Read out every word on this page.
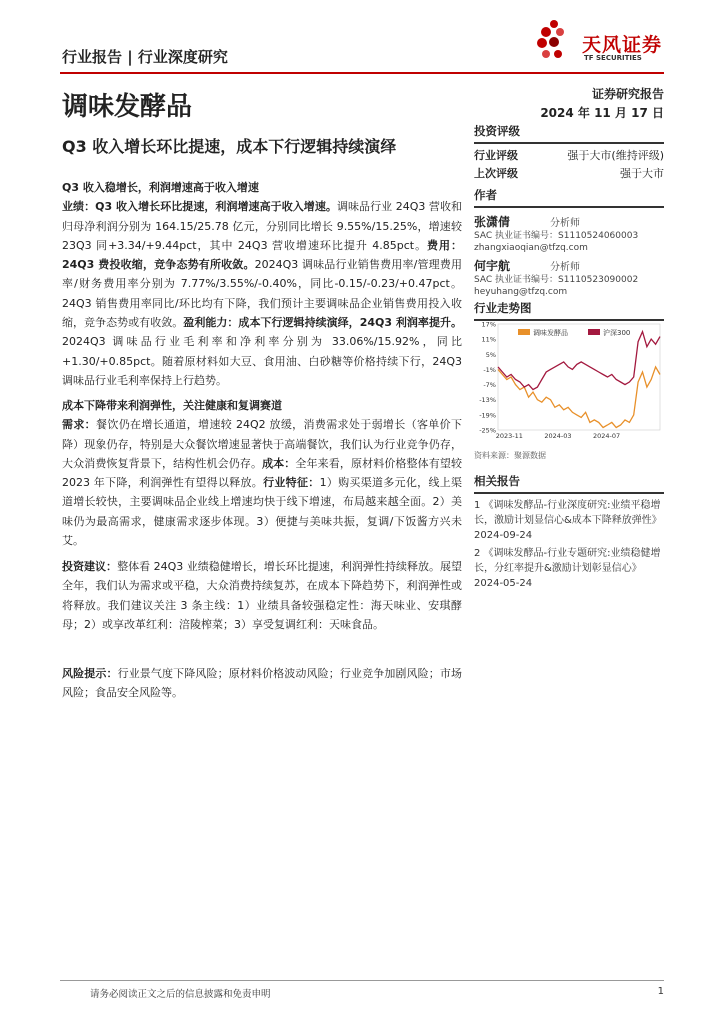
行业报告 | 行业深度研究
天风证券
TF SECURITIES
调味发酵品	证券研究报告
2024 年 11 月 17 日
Q3 收入增长环比提速，成本下行逻辑持续演绎
投资评级
行业评级	强于大市(维持评级)
上次评级	强于大市
作者
张潇倩	分析师
SAC 执业证书编号：S1110524060003
zhangxiaoqian@tfzq.com
何宇航	分析师
SAC 执业证书编号：S1110523090002
heyuhang@tfzq.com
行业走势图
17%
11%
5%
-1%
-7%
-13%
-19%
-25%
2023-11	2024-03	2024-07
调味发酵品	沪深300
资料来源：聚源数据
相关报告
1 《调味发酵品-行业深度研究:业绩平稳增长，激励计划显信心&成本下降释放弹性》 2024-09-24
2 《调味发酵品-行业专题研究:业绩稳健增长，分红率提升&激励计划彰显信心》 2024-05-24
Q3 收入稳增长，利润增速高于收入增速
业绩：Q3 收入增长环比提速，利润增速高于收入增速。调味品行业 24Q3 营收和归母净利润分别为 164.15/25.78 亿元，分别同比增长 9.55%/15.25%，增速较 23Q3 同+3.34/+9.44pct，其中 24Q3 营收增速环比提升 4.85pct。费用：24Q3 费投收缩，竞争态势有所收敛。2024Q3 调味品行业销售费用率/管理费用率/财务费用率分别为 7.77%/3.55%/-0.40%，同比-0.15/-0.23/+0.47pct。24Q3 销售费用率同比/环比均有下降，我们预计主要调味品企业销售费用投入收缩，竞争态势或有收敛。盈利能力：成本下行逻辑持续演绎，24Q3 利润率提升。2024Q3 调味品行业毛利率和净利率分别为 33.06%/15.92%，同比+1.30/+0.85pct。随着原材料如大豆、食用油、白砂糖等价格持续下行，24Q3 调味品行业毛利率保持上行趋势。
成本下降带来利润弹性，关注健康和复调赛道
需求：餐饮仍在增长通道，增速较 24Q2 放缓，消费需求处于弱增长（客单价下降）现象仍存，特别是大众餐饮增速显著快于高端餐饮，我们认为行业竞争仍存，大众消费恢复背景下，结构性机会仍存。成本：全年来看，原材料价格整体有望较 2023 年下降，利润弹性有望得以释放。行业特征：1）购买渠道多元化，线上渠道增长较快，主要调味品企业线上增速均快于线下增速，布局越来越全面。2）美味仍为最高需求，健康需求逐步体现。3）便捷与美味共振，复调/下饭酱方兴未艾。
投资建议：整体看 24Q3 业绩稳健增长，增长环比提速，利润弹性持续释放。展望全年，我们认为需求或平稳，大众消费持续复苏，在成本下降趋势下，利润弹性或将释放。我们建议关注 3 条主线：1）业绩具备较强稳定性：海天味业、安琪酵母；2）或享改革红利：涪陵榨菜；3）享受复调红利：天味食品。
风险提示：行业景气度下降风险；原材料价格波动风险；行业竞争加剧风险；市场风险；食品安全风险等。
请务必阅读正文之后的信息披露和免责申明	1
